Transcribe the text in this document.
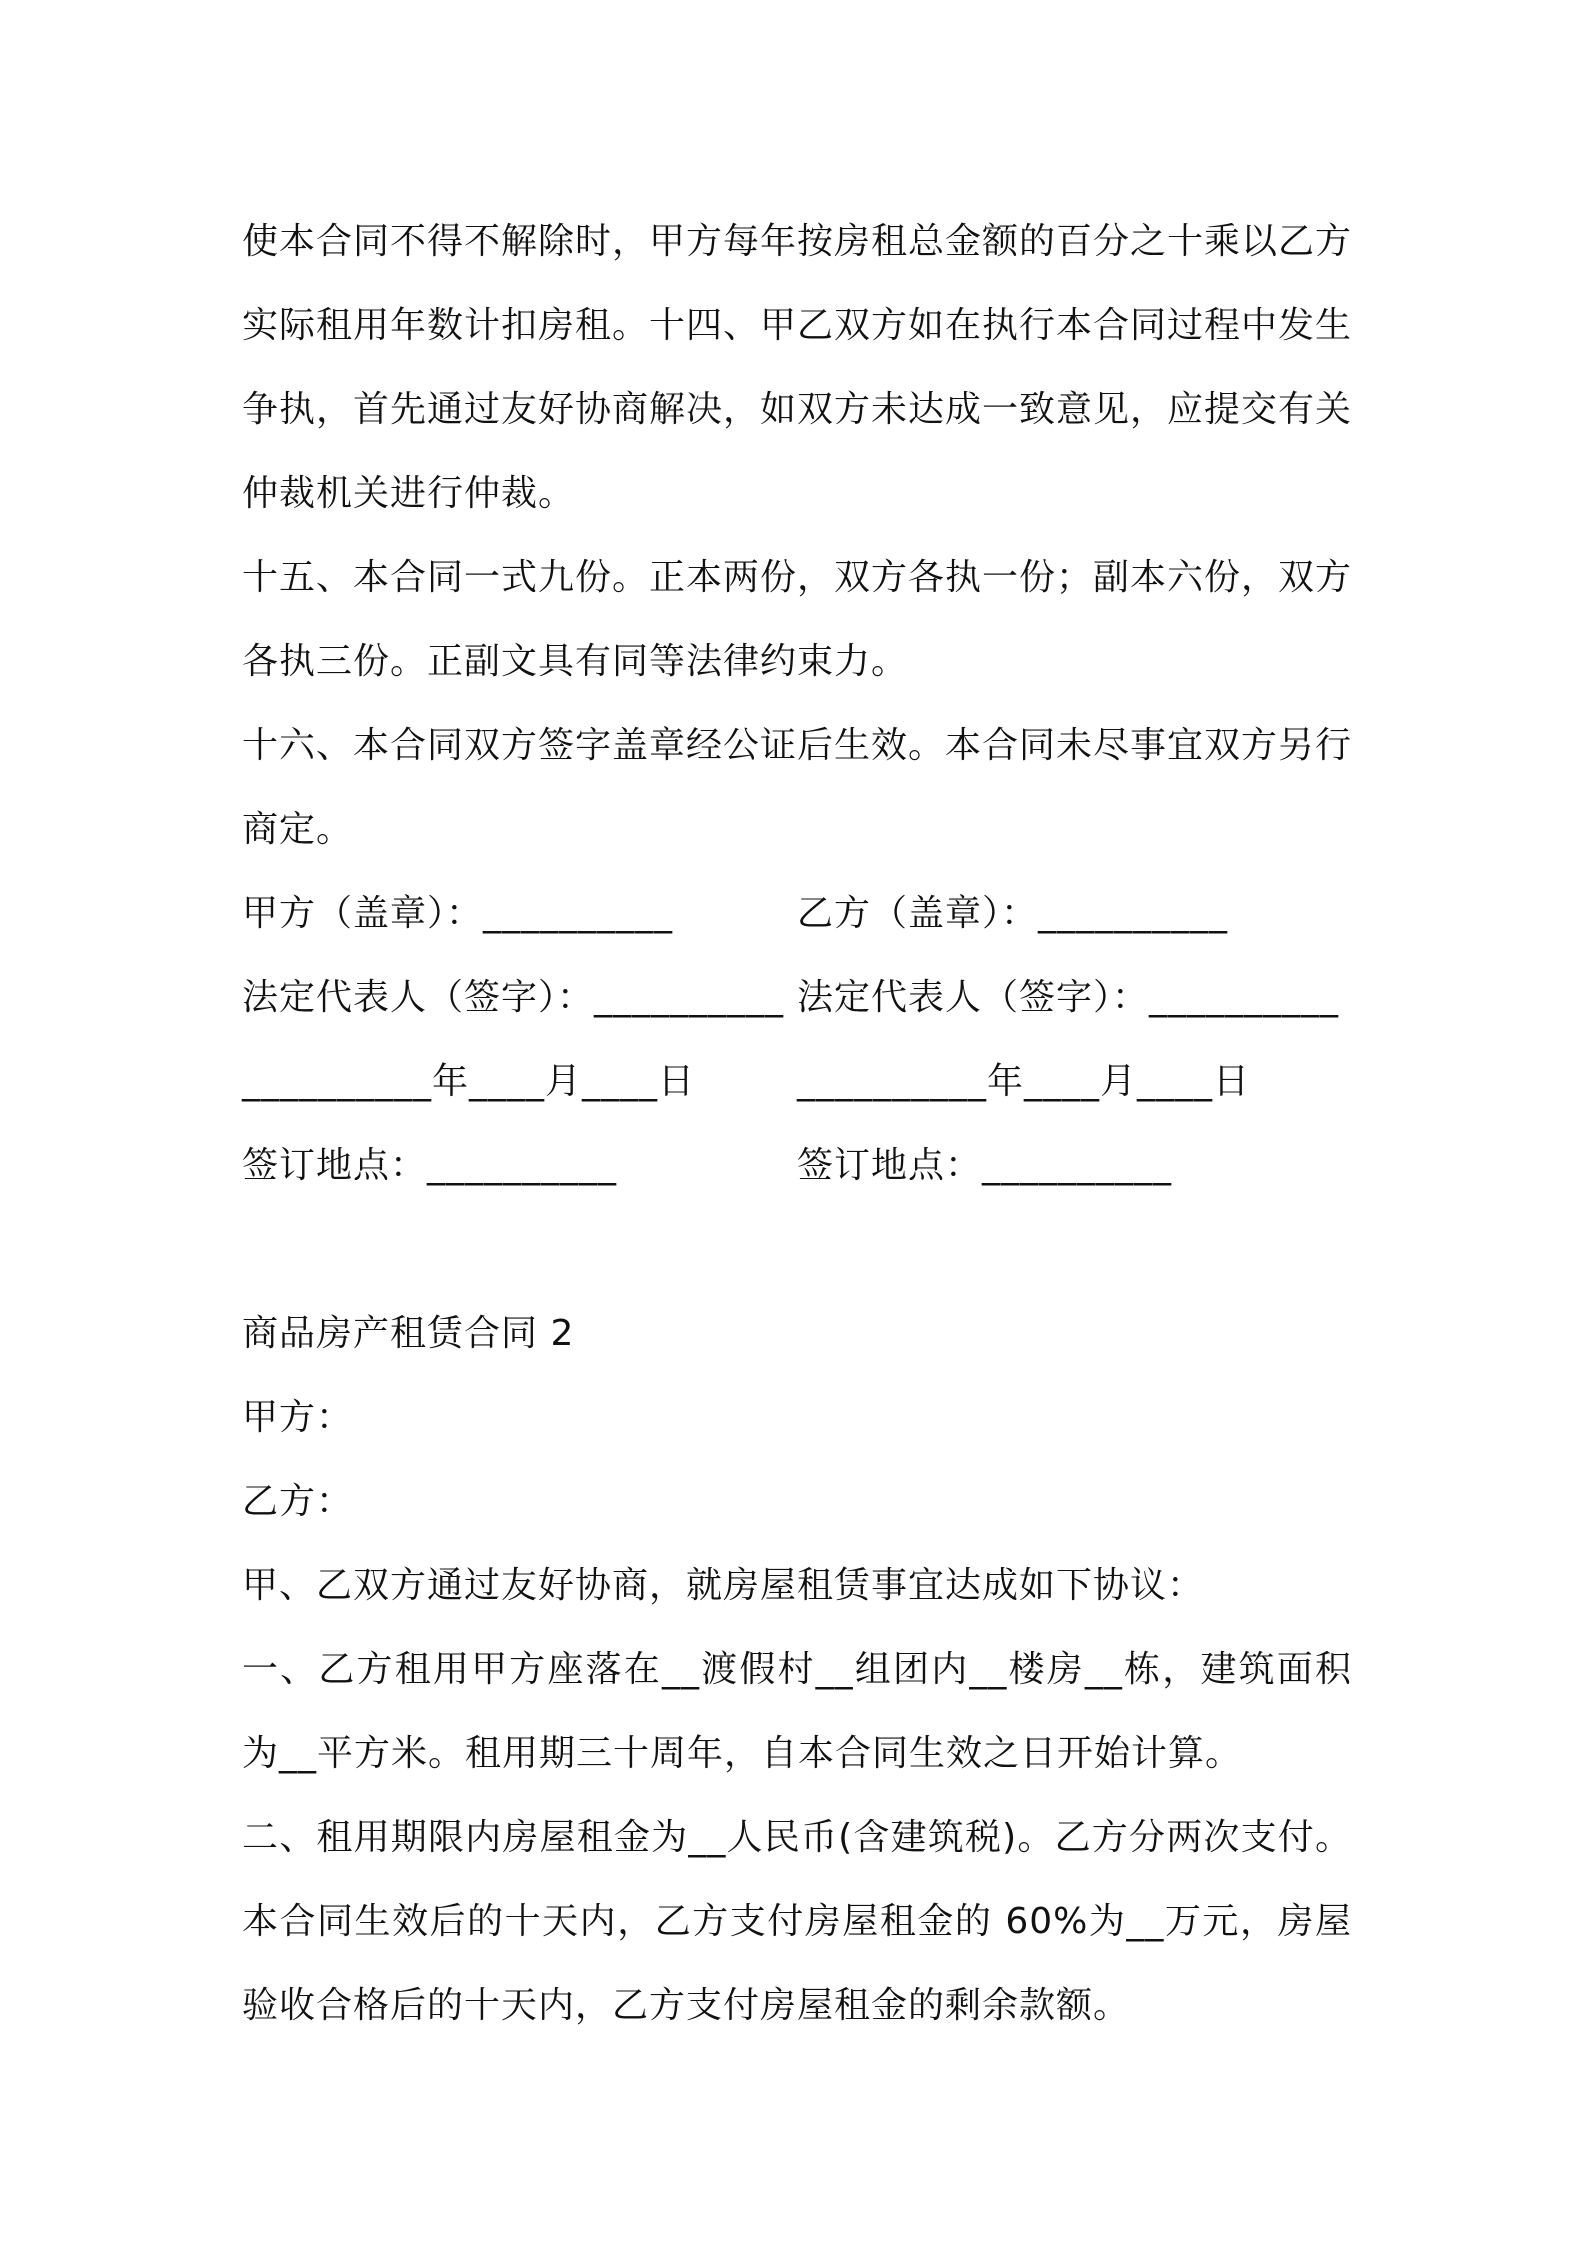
使本合同不得不解除时，甲方每年按房租总金额的百分之十乘以乙方实际租用年数计扣房租。十四、甲乙双方如在执行本合同过程中发生争执，首先通过友好协商解决，如双方未达成一致意见，应提交有关仲裁机关进行仲裁。

十五、本合同一式九份。正本两份，双方各执一份；副本六份，双方各执三份。正副文具有同等法律约束力。

十六、本合同双方签字盖章经公证后生效。本合同未尽事宜双方另行商定。

甲方（盖章）：__________	乙方（盖章）：__________
法定代表人（签字）：__________ 法定代表人（签字）：__________
__________年____月____日	__________年____月____日
签订地点：__________	签订地点：__________

商品房产租赁合同 2

甲方：

乙方：

甲、乙双方通过友好协商，就房屋租赁事宜达成如下协议：

一、乙方租用甲方座落在__渡假村__组团内__楼房__栋，建筑面积为__平方米。租用期三十周年，自本合同生效之日开始计算。

二、租用期限内房屋租金为__人民币(含建筑税)。乙方分两次支付。本合同生效后的十天内，乙方支付房屋租金的 60%为__万元，房屋验收合格后的十天内，乙方支付房屋租金的剩余款额。
